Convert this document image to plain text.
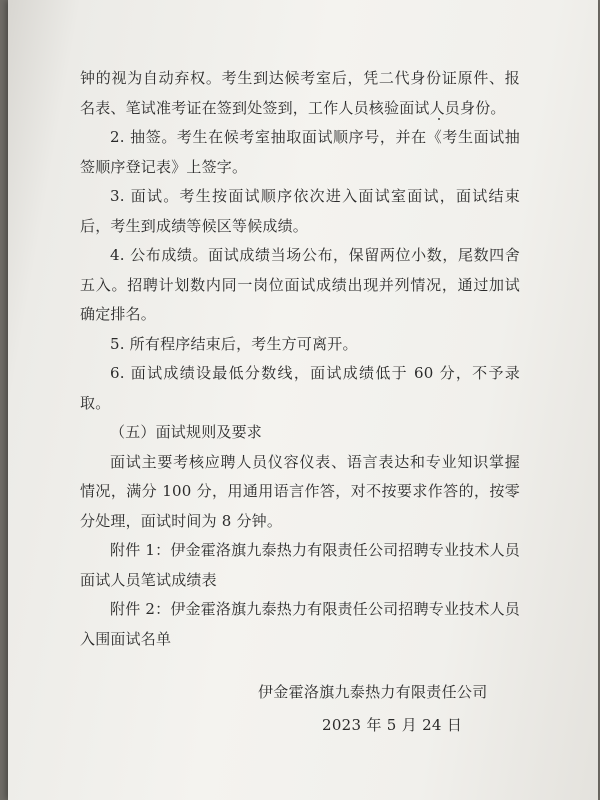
钟的视为自动弃权。考生到达候考室后，凭二代身份证原件、报名表、笔试准考证在签到处签到，工作人员核验面试人员身份。

2. 抽签。考生在候考室抽取面试顺序号，并在《考生面试抽签顺序登记表》上签字。

3. 面试。考生按面试顺序依次进入面试室面试，面试结束后，考生到成绩等候区等候成绩。

4. 公布成绩。面试成绩当场公布，保留两位小数，尾数四舍五入。招聘计划数内同一岗位面试成绩出现并列情况，通过加试确定排名。

5. 所有程序结束后，考生方可离开。

6. 面试成绩设最低分数线，面试成绩低于 60 分，不予录取。

（五）面试规则及要求

面试主要考核应聘人员仪容仪表、语言表达和专业知识掌握情况，满分 100 分，用通用语言作答，对不按要求作答的，按零分处理，面试时间为 8 分钟。

附件 1：伊金霍洛旗九泰热力有限责任公司招聘专业技术人员面试人员笔试成绩表

附件 2：伊金霍洛旗九泰热力有限责任公司招聘专业技术人员入围面试名单

伊金霍洛旗九泰热力有限责任公司
2023 年 5 月 24 日
